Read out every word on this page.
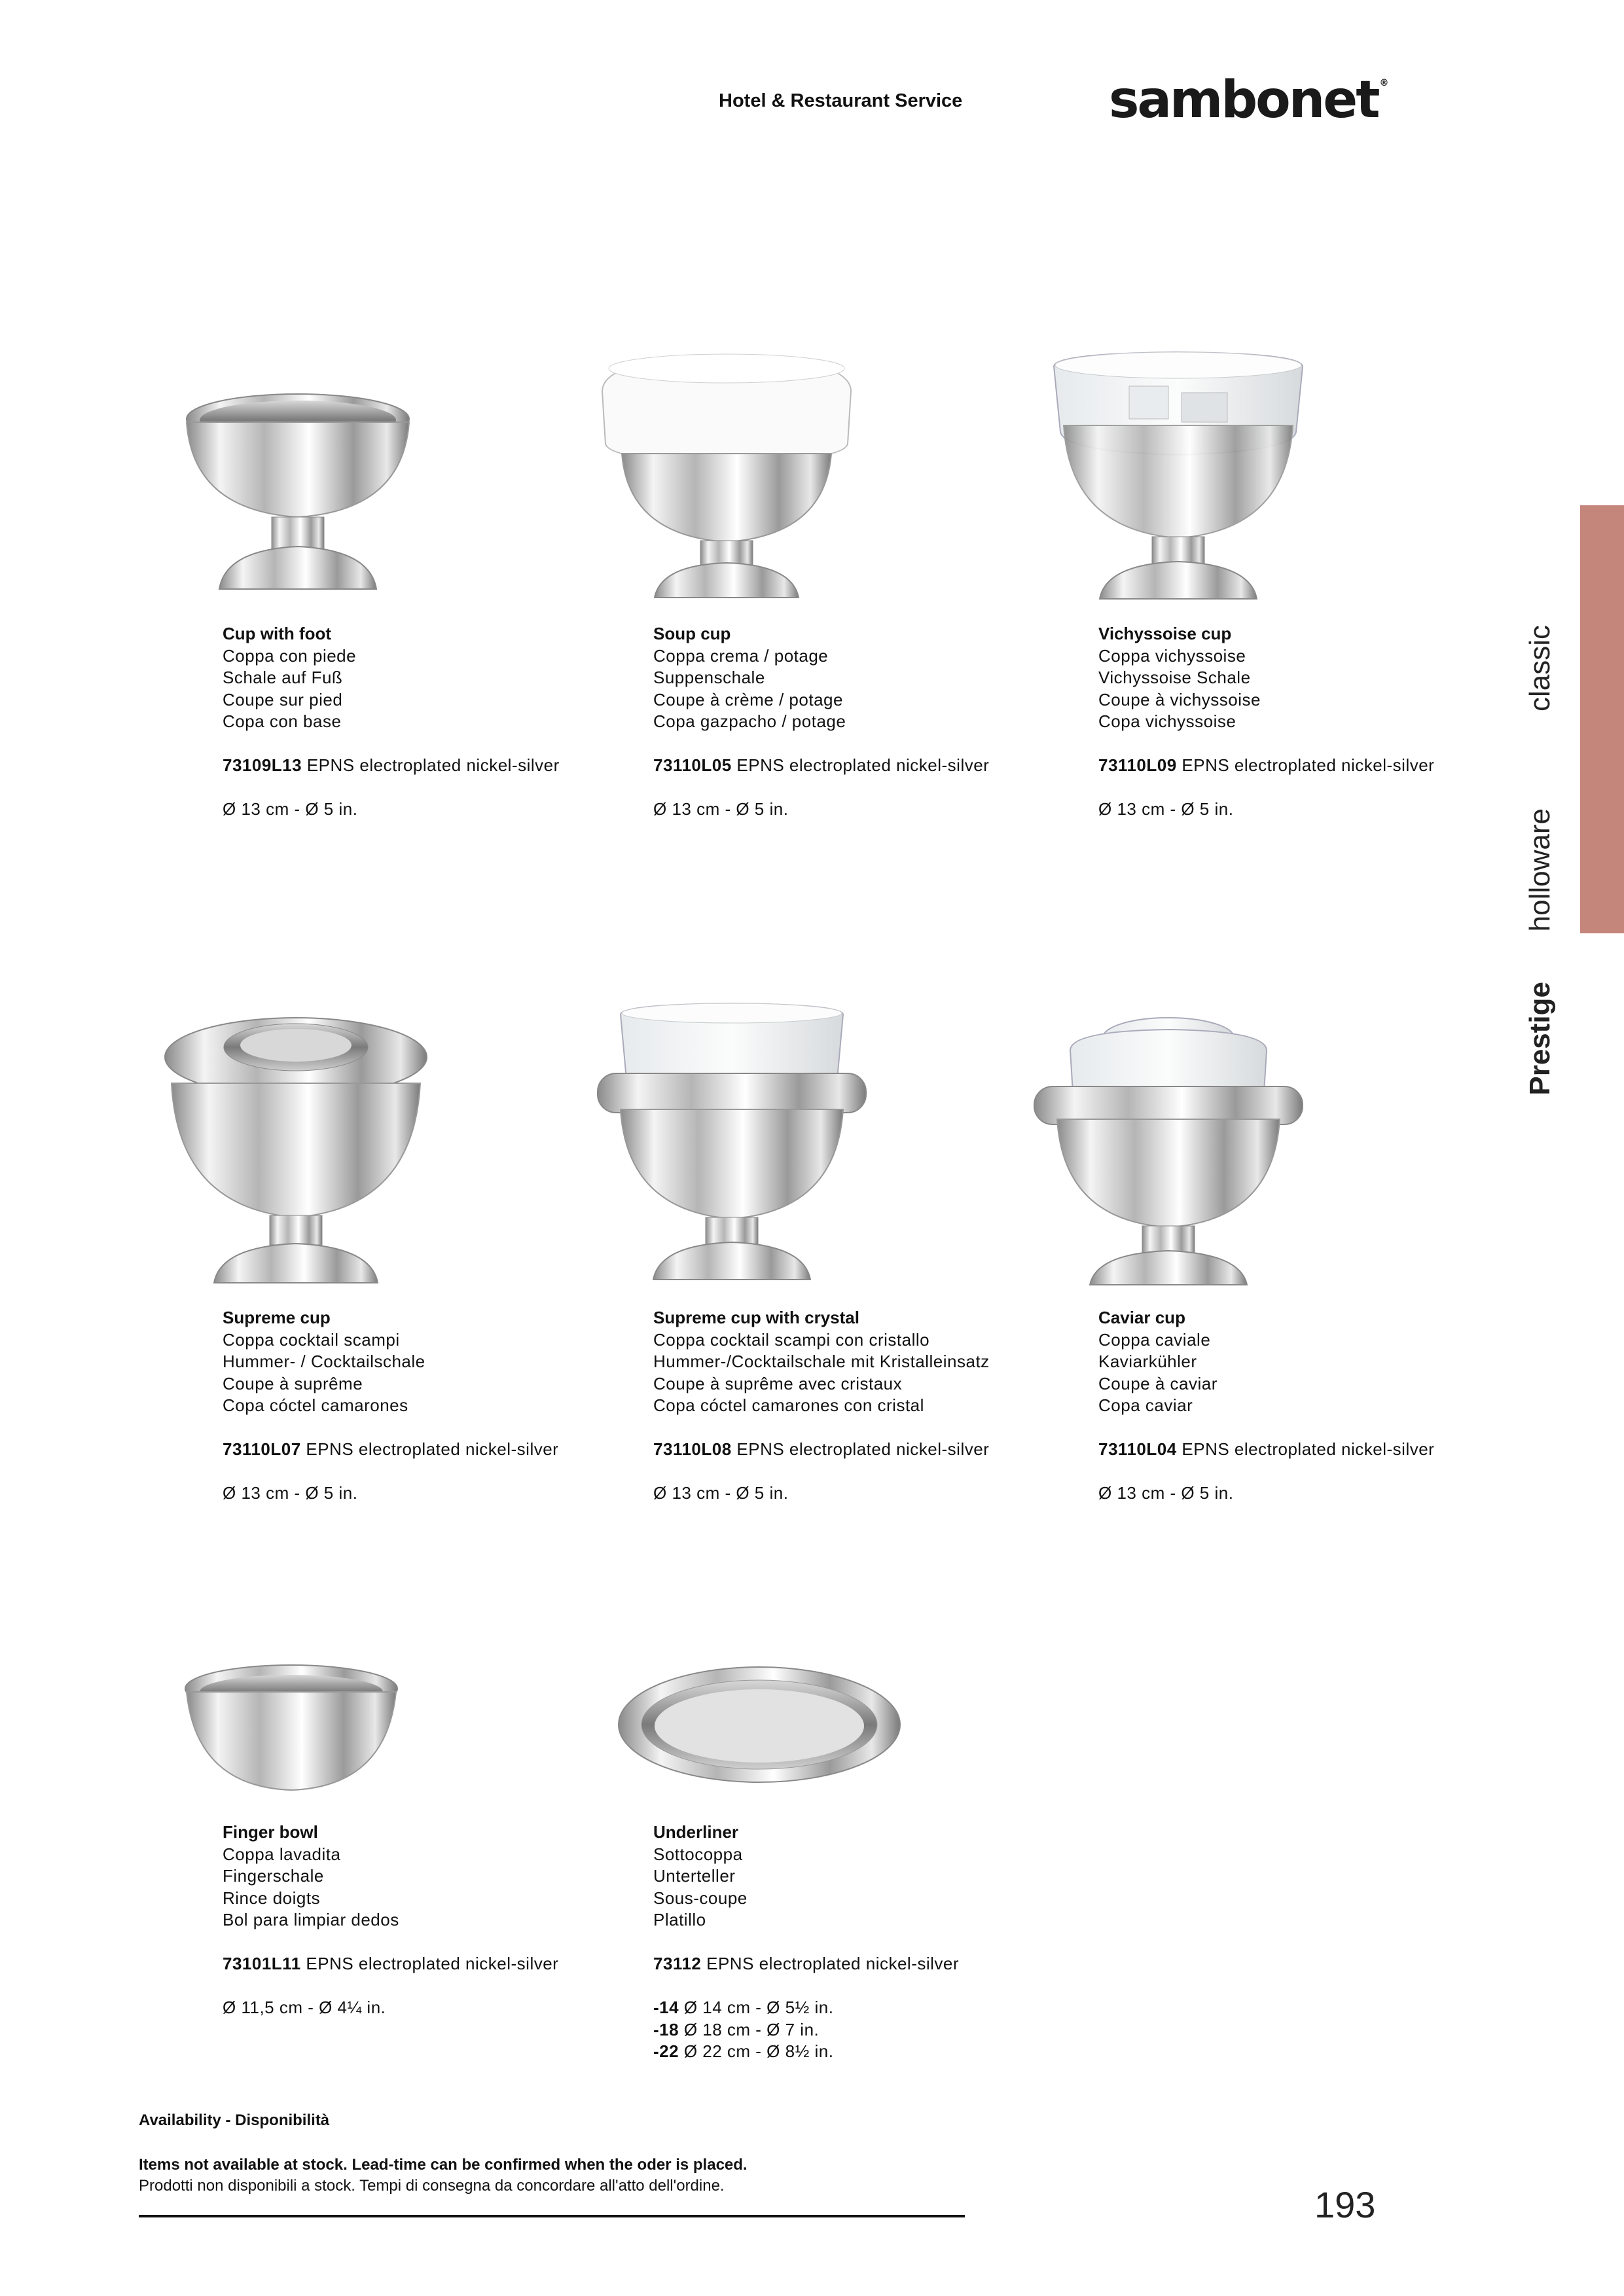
Hotel & Restaurant Service	sambonet ®
classic
holloware
Prestige
Cup with foot
Coppa con piede
Schale auf Fuß
Coupe sur pied
Copa con base
73109L13 EPNS electroplated nickel-silver
Ø 13 cm - Ø 5 in.
Soup cup
Coppa crema / potage
Suppenschale
Coupe à crème / potage
Copa gazpacho / potage
73110L05 EPNS electroplated nickel-silver
Ø 13 cm - Ø 5 in.
Vichyssoise cup
Coppa vichyssoise
Vichyssoise Schale
Coupe à vichyssoise
Copa vichyssoise
73110L09 EPNS electroplated nickel-silver
Ø 13 cm - Ø 5 in.
Supreme cup
Coppa cocktail scampi
Hummer- / Cocktailschale
Coupe à suprême
Copa cóctel camarones
73110L07 EPNS electroplated nickel-silver
Ø 13 cm - Ø 5 in.
Supreme cup with crystal
Coppa cocktail scampi con cristallo
Hummer-/Cocktailschale mit Kristalleinsatz
Coupe à suprême avec cristaux
Copa cóctel camarones con cristal
73110L08 EPNS electroplated nickel-silver
Ø 13 cm - Ø 5 in.
Caviar cup
Coppa caviale
Kaviarkühler
Coupe à caviar
Copa caviar
73110L04 EPNS electroplated nickel-silver
Ø 13 cm - Ø 5 in.
Finger bowl
Coppa lavadita
Fingerschale
Rince doigts
Bol para limpiar dedos
73101L11 EPNS electroplated nickel-silver
Ø 11,5 cm - Ø 4¼ in.
Underliner
Sottocoppa
Unterteller
Sous-coupe
Platillo
73112 EPNS electroplated nickel-silver
-14 Ø 14 cm - Ø 5½ in.
-18 Ø 18 cm - Ø 7 in.
-22 Ø 22 cm - Ø 8½ in.
Availability - Disponibilità
Items not available at stock. Lead-time can be confirmed when the oder is placed.
Prodotti non disponibili a stock. Tempi di consegna da concordare all'atto dell'ordine.	193
